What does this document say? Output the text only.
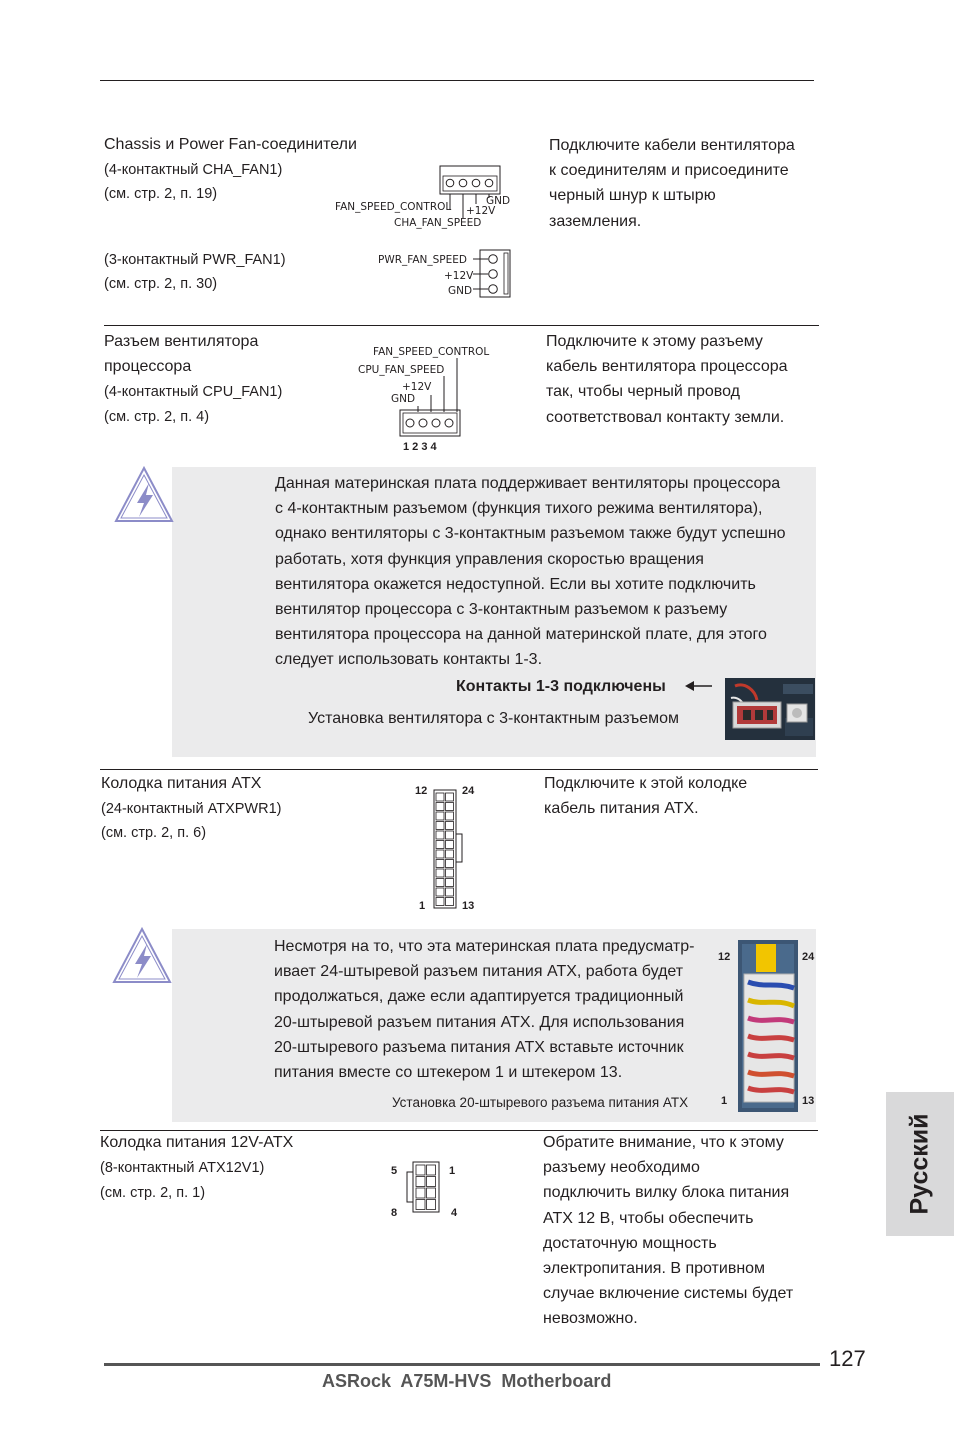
Chassis и Power Fan-соединители
(4-контактный CHA_FAN1)
(см. стр. 2, п. 19)
(3-контактный PWR_FAN1)
(см. стр. 2, п. 30)
Подключите кабели вентилятора
к соединителям и присоедините
черный шнур к штырю
заземления.
GND
+12V
FAN_SPEED_CONTROL
CHA_FAN_SPEED
PWR_FAN_SPEED
+12V
GND
Разъем вентилятора
процессора
(4-контактный CPU_FAN1)
(см. стр. 2, п. 4)
Подключите к этому разъему
кабель вентилятора процессора
так, чтобы черный провод
соответствовал контакту земли.
FAN_SPEED_CONTROL
CPU_FAN_SPEED
+12V
GND
1 2 3 4
Данная материнская плата поддерживает вентиляторы процессора
с 4-контактным разъемом (функция тихого режима вентилятора),
однако вентиляторы с 3-контактным разъемом также будут успешно
работать, хотя функция управления скоростью вращения
вентилятора окажется недоступной. Если вы хотите подключить
вентилятор процессора с 3-контактным разъемом к разъему
вентилятора процессора на данной материнской плате, для этого
следует использовать контакты 1-3.
Контакты 1-3 подключены
Установка вентилятора с 3-контактным разъемом
Колодка питания ATX
(24-контактный ATXPWR1)
(см. стр. 2, п. 6)
Подключите к этой колодке
кабель питания ATX.
12	24
1	13
Несмотря на то, что эта материнская плата предусматр-
ивает 24-штыревой разъем питания ATX, работа будет
продолжаться, даже если адаптируется традиционный
20-штыревой разъем питания ATX. Для использования
20-штыревого разъема питания ATX вставьте источник
питания вместе со штекером 1 и штекером 13.
Установка 20-штыревого разъема питания ATX
12	24
1	13
Колодка питания 12V-ATX
(8-контактный ATX12V1)
(см. стр. 2, п. 1)
Обратите внимание, что к этому
разъему необходимо
подключить вилку блока питания
ATX 12 В, чтобы обеспечить
достаточную мощность
электропитания. В противном
случае включение системы будет
невозможно.
5	1
8	4	Русский
127
ASRock  A75M-HVS  Motherboard
